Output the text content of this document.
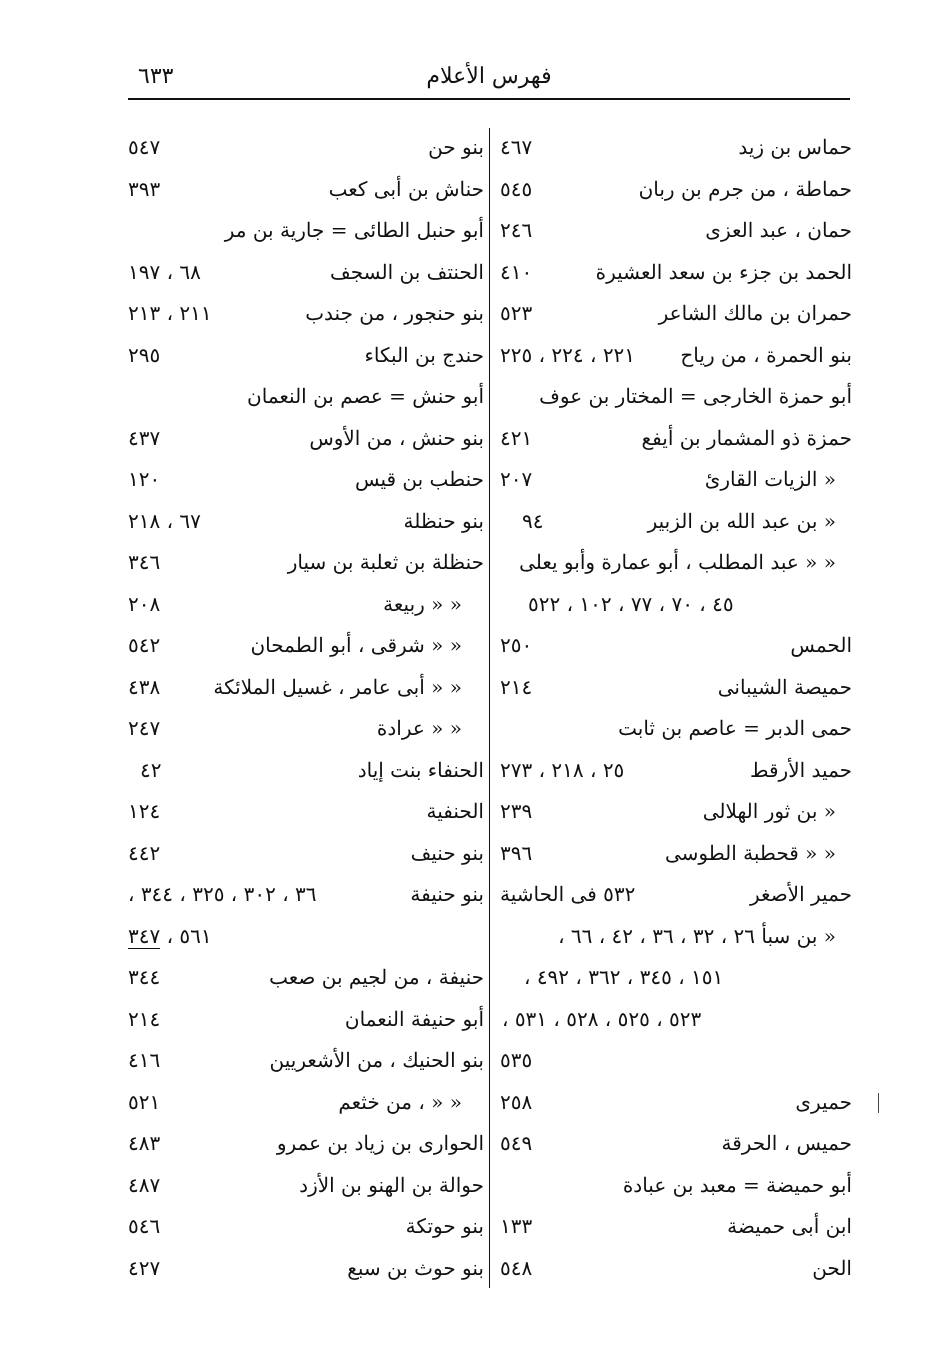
فهرس الأعلام
٦٣٣
حماس بن زيد
٤٦٧
حماطة ، من جرم بن ربان
٥٤٥
حمان ، عبد العزى
٢٤٦
الحمد بن جزء بن سعد العشيرة
٤١٠
حمران بن مالك الشاعر
٥٢٣
بنو الحمرة ، من رياح
٢٢١ ، ٢٢٤ ، ٢٢٥
أبو حمزة الخارجى = المختار بن عوف
حمزة ذو المشمار بن أيفع
٤٢١
« الزيات القارئ
٢٠٧
« بن عبد الله بن الزبير
٩٤
« « عبد المطلب ، أبو عمارة وأبو يعلى
٤٥ ، ٧٠ ، ٧٧ ، ١٠٢ ، ٥٢٢
الحمس
٢٥٠
حميصة الشيبانى
٢١٤
حمى الدبر = عاصم بن ثابت
حميد الأرقط
٢٥ ، ٢١٨ ، ٢٧٣
« بن ثور الهلالى
٢٣٩
« « قحطبة الطوسى
٣٩٦
حمير الأصغر
٥٣٢ فى الحاشية
« بن سبأ ٢٦ ، ٣٢ ، ٣٦ ، ٤٢ ، ٦٦ ،
١٥١ ، ٣٤٥ ، ٣٦٢ ، ٤٩٢ ،
٥٢٣ ، ٥٢٥ ، ٥٢٨ ، ٥٣١ ،
٥٣٥
حميرى
٢٥٨
حميس ، الحرقة
٥٤٩
أبو حميضة = معبد بن عبادة
ابن أبى حميضة
١٣٣
الحن
٥٤٨
بنو حن
٥٤٧
حناش بن أبى كعب
٣٩٣
أبو حنبل الطائى = جارية بن مر
الحنتف بن السجف
٦٨ ، ١٩٧
بنو حنجور ، من جندب
٢١١ ، ٢١٣
حندج بن البكاء
٢٩٥
أبو حنش = عصم بن النعمان
بنو حنش ، من الأوس
٤٣٧
حنطب بن قيس
١٢٠
بنو حنظلة
٦٧ ، ٢١٨
حنظلة بن ثعلبة بن سيار
٣٤٦
« « ربيعة
٢٠٨
« « شرقى ، أبو الطمحان
٥٤٢
« « أبى عامر ، غسيل الملائكة
٤٣٨
« « عرادة
٢٤٧
الحنفاء بنت إياد
٤٢
الحنفية
١٢٤
بنو حنيف
٤٤٢
بنو حنيفة
٣٦ ، ٣٠٢ ، ٣٢٥ ، ٣٤٤ ،
٥٦١ ، ٣٤٧
حنيفة ، من لجيم بن صعب
٣٤٤
أبو حنيفة النعمان
٢١٤
بنو الحنيك ، من الأشعريين
٤١٦
« « ، من خثعم
٥٢١
الحوارى بن زياد بن عمرو
٤٨٣
حوالة بن الهنو بن الأزد
٤٨٧
بنو حوتكة
٥٤٦
بنو حوث بن سبع
٤٢٧
